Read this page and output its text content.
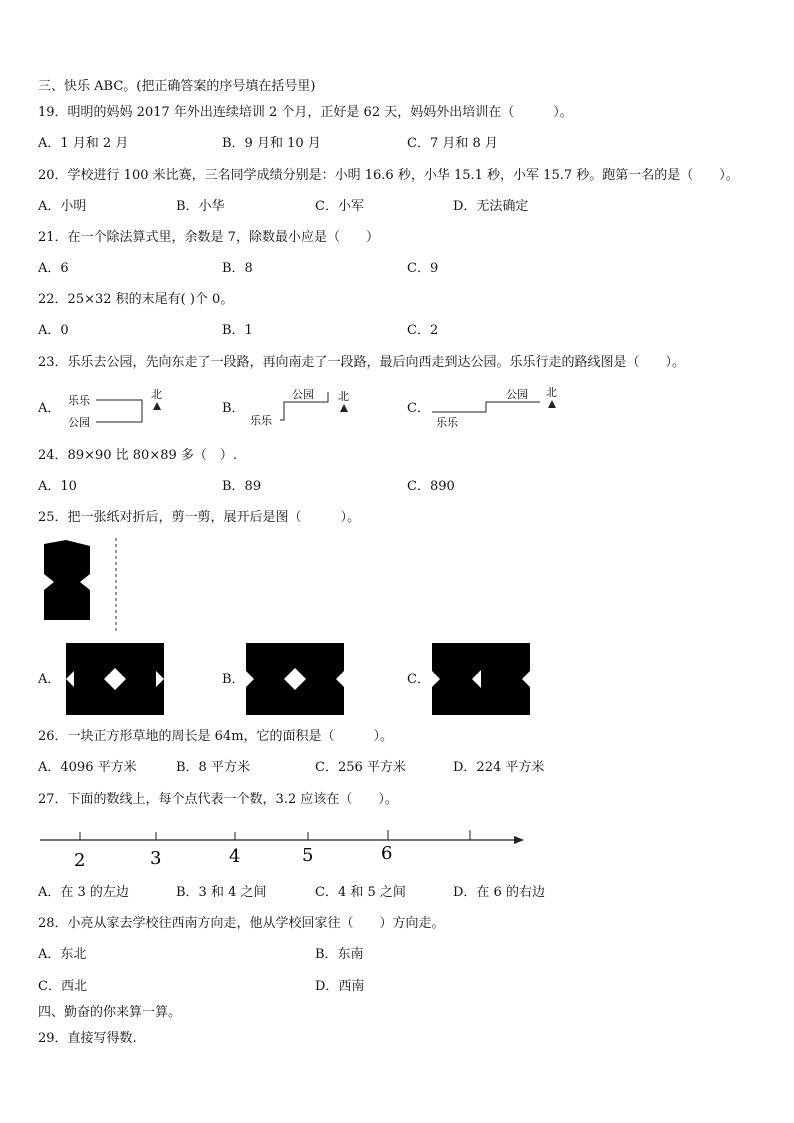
三、快乐 ABC。(把正确答案的序号填在括号里)
19．明明的妈妈 2017 年外出连续培训 2 个月，正好是 62 天，妈妈外出培训在（　　　）。
A．1 月和 2 月	B．9 月和 10 月	C．7 月和 8 月
20．学校进行 100 米比赛，三名同学成绩分别是：小明 16.6 秒，小华 15.1 秒，小军 15.7 秒。跑第一名的是（　　）。
A．小明	B．小华	C．小军	D．无法确定
21．在一个除法算式里，余数是 7，除数最小应是（　　）
A．6	B．8	C．9
22．25×32 积的末尾有( )个 0。
A．0	B．1	C．2
23．乐乐去公园，先向东走了一段路，再向南走了一段路，最后向西走到达公园。乐乐行走的路线图是（　　）。
A．	B．	C．
乐乐
公园
北	公园
乐乐
北	公园
乐乐
北
24．89×90 比 80×89 多（　）.
A．10	B．89	C．890
25．把一张纸对折后，剪一剪，展开后是图（　　　）。
A．	B．	C．
26．一块正方形草地的周长是 64m，它的面积是（　　　）。
A．4096 平方米	B．8 平方米	C．256 平方米	D．224 平方米
27．下面的数线上，每个点代表一个数，3.2 应该在（　　）。
2	3	4	5	6
A．在 3 的左边	B．3 和 4 之间	C．4 和 5 之间	D．在 6 的右边
28．小亮从家去学校往西南方向走，他从学校回家往（　　）方向走。
A．东北	B．东南
C．西北	D．西南
四、勤奋的你来算一算。
29．直接写得数.
